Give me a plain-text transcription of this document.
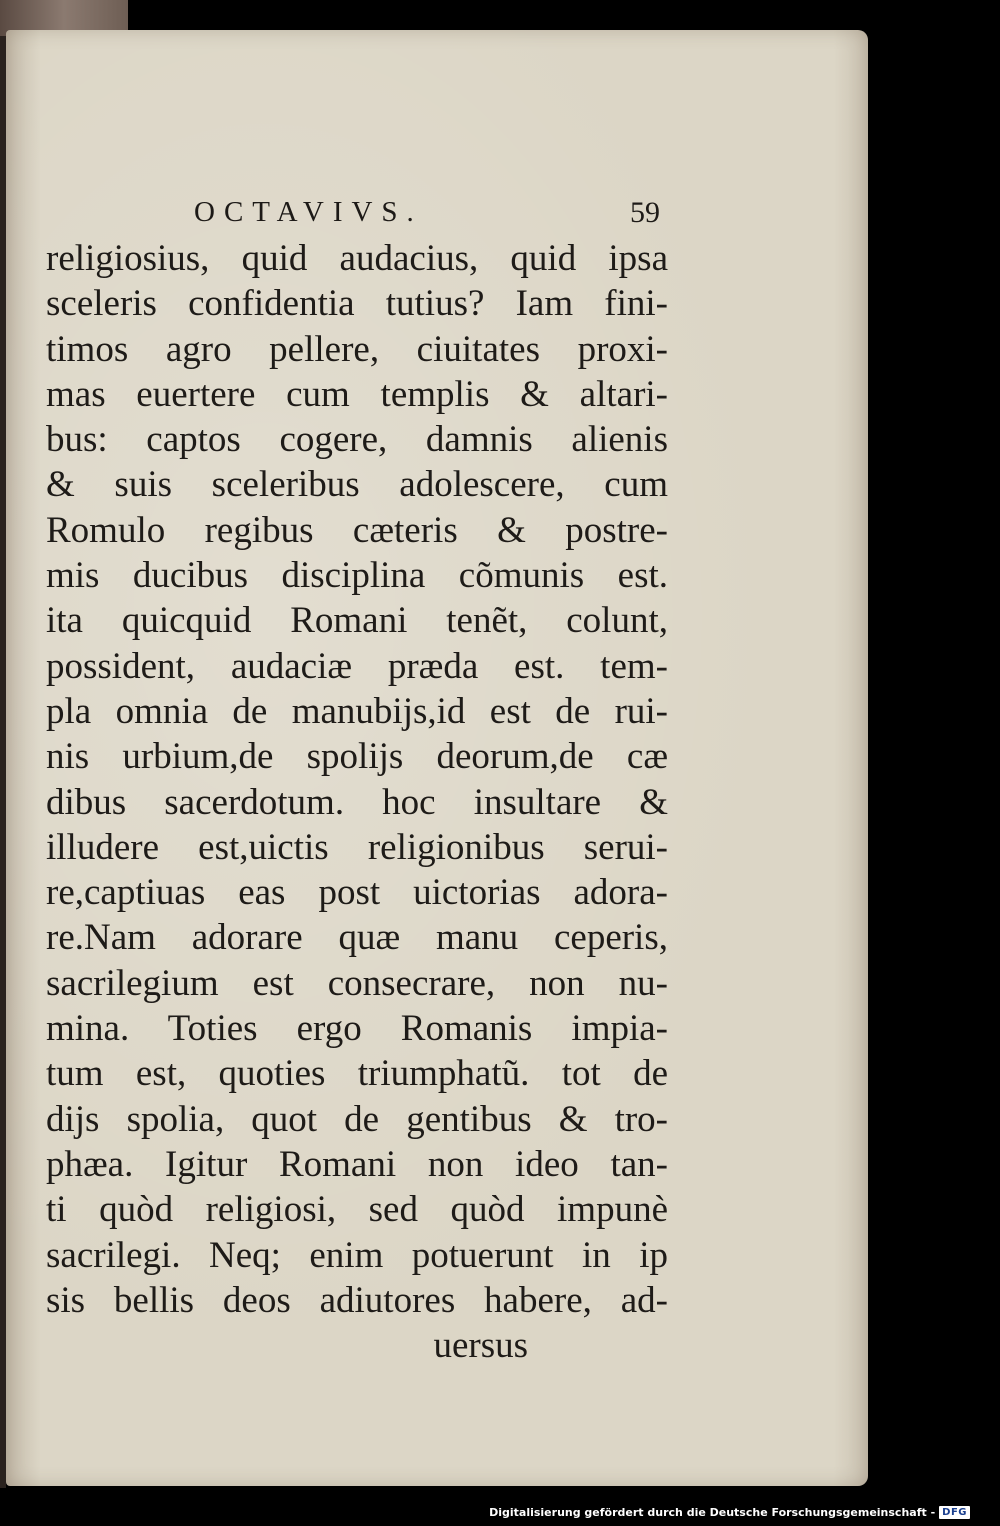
OCTAVIVS.	59
religiosius, quid audacius, quid ipsa
sceleris confidentia tutius? Iam fini-
timos agro pellere, ciuitates proxi-
mas euertere cum templis & altari-
bus: captos cogere, damnis alienis
& suis sceleribus adolescere, cum
Romulo regibus cæteris & postre-
mis ducibus disciplina cõmunis est.
ita quicquid Romani tenẽt, colunt,
possident, audaciæ præda est. tem-
pla omnia de manubijs,id est de rui-
nis urbium,de spolijs deorum,de cæ
dibus sacerdotum. hoc insultare &
illudere est,uictis religionibus serui-
re,captiuas eas post uictorias adora-
re.Nam adorare quæ manu ceperis,
sacrilegium est consecrare, non nu-
mina. Toties ergo Romanis impia-
tum est, quoties triumphatũ. tot de
dijs spolia, quot de gentibus & tro-
phæa. Igitur Romani non ideo tan-
ti quòd religiosi, sed quòd impunè
sacrilegi. Neq; enim potuerunt in ip
sis bellis deos adiutores habere, ad-
uersus
Digitalisierung gefördert durch die Deutsche Forschungsgemeinschaft - DFG
